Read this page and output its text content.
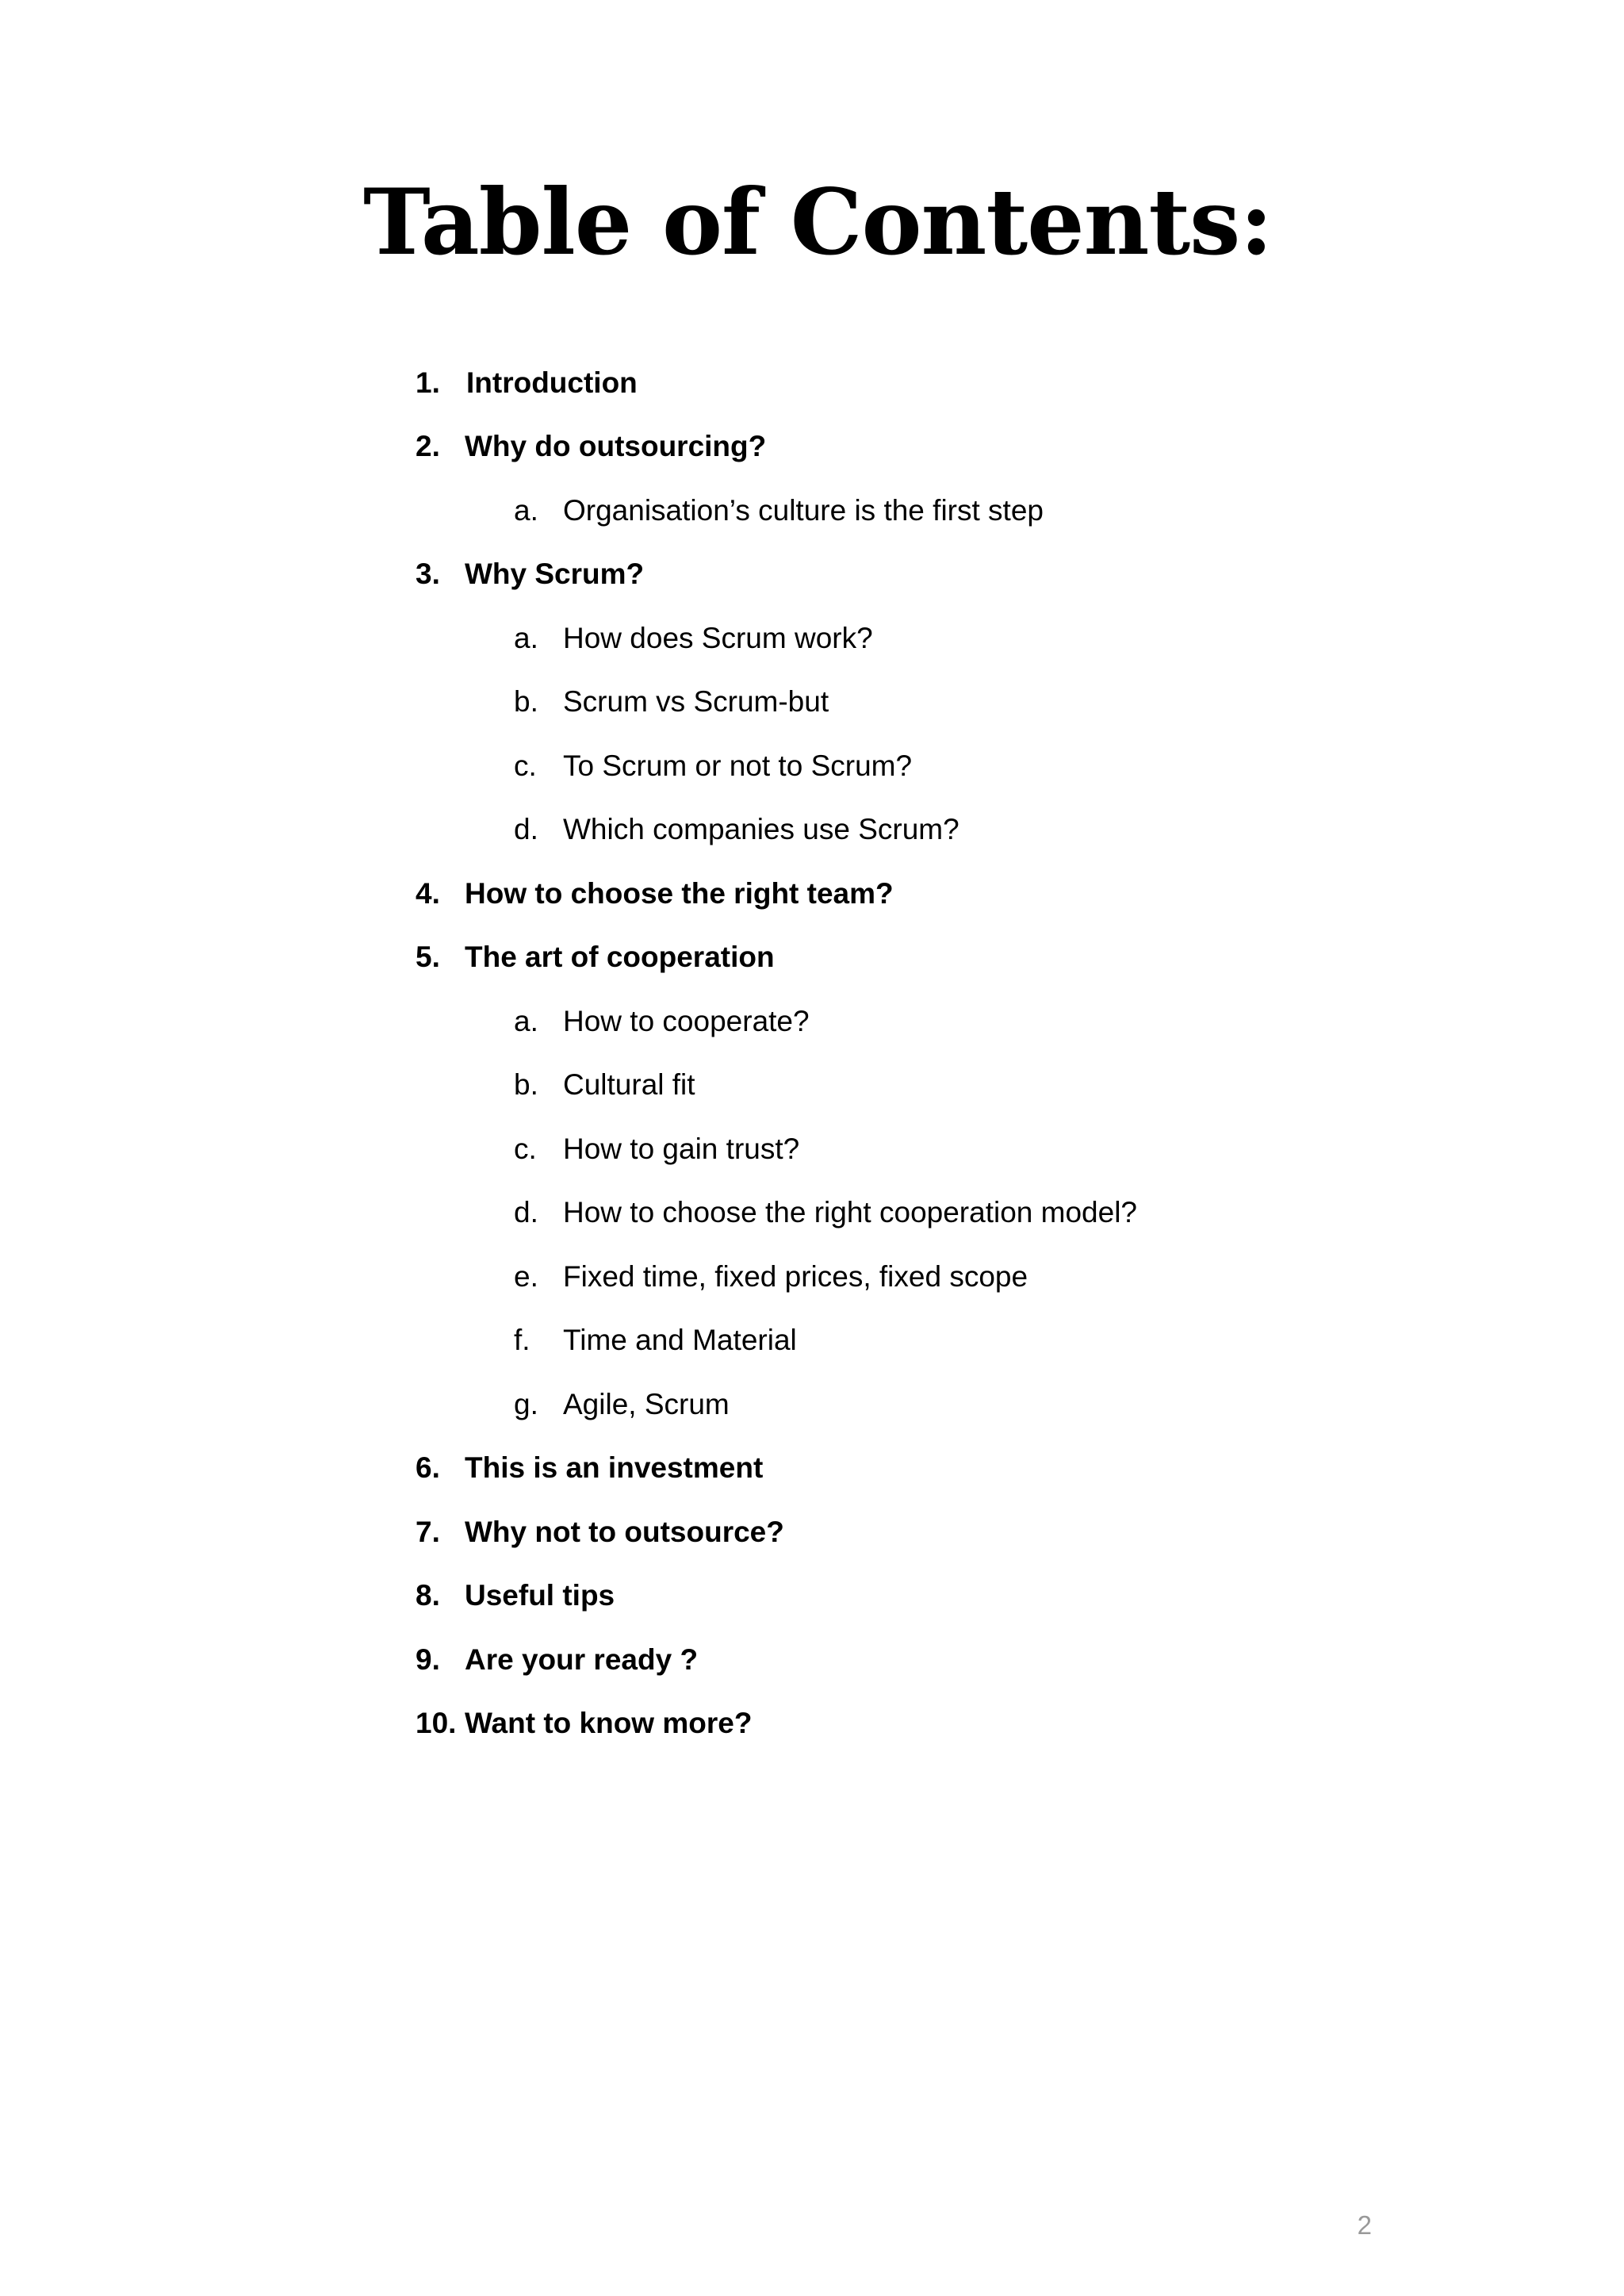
Table of Contents:
1. Introduction
2. Why do outsourcing?
a. Organisation’s culture is the first step
3. Why Scrum?
a. How does Scrum work?
b. Scrum vs Scrum-but
c. To Scrum or not to Scrum?
d. Which companies use Scrum?
4. How to choose the right team?
5. The art of cooperation
a. How to cooperate?
b. Cultural fit
c. How to gain trust?
d. How to choose the right cooperation model?
e. Fixed time, fixed prices, fixed scope
f. Time and Material
g. Agile, Scrum
6. This is an investment
7. Why not to outsource?
8. Useful tips
9. Are your ready ?
10. Want to know more?
2
